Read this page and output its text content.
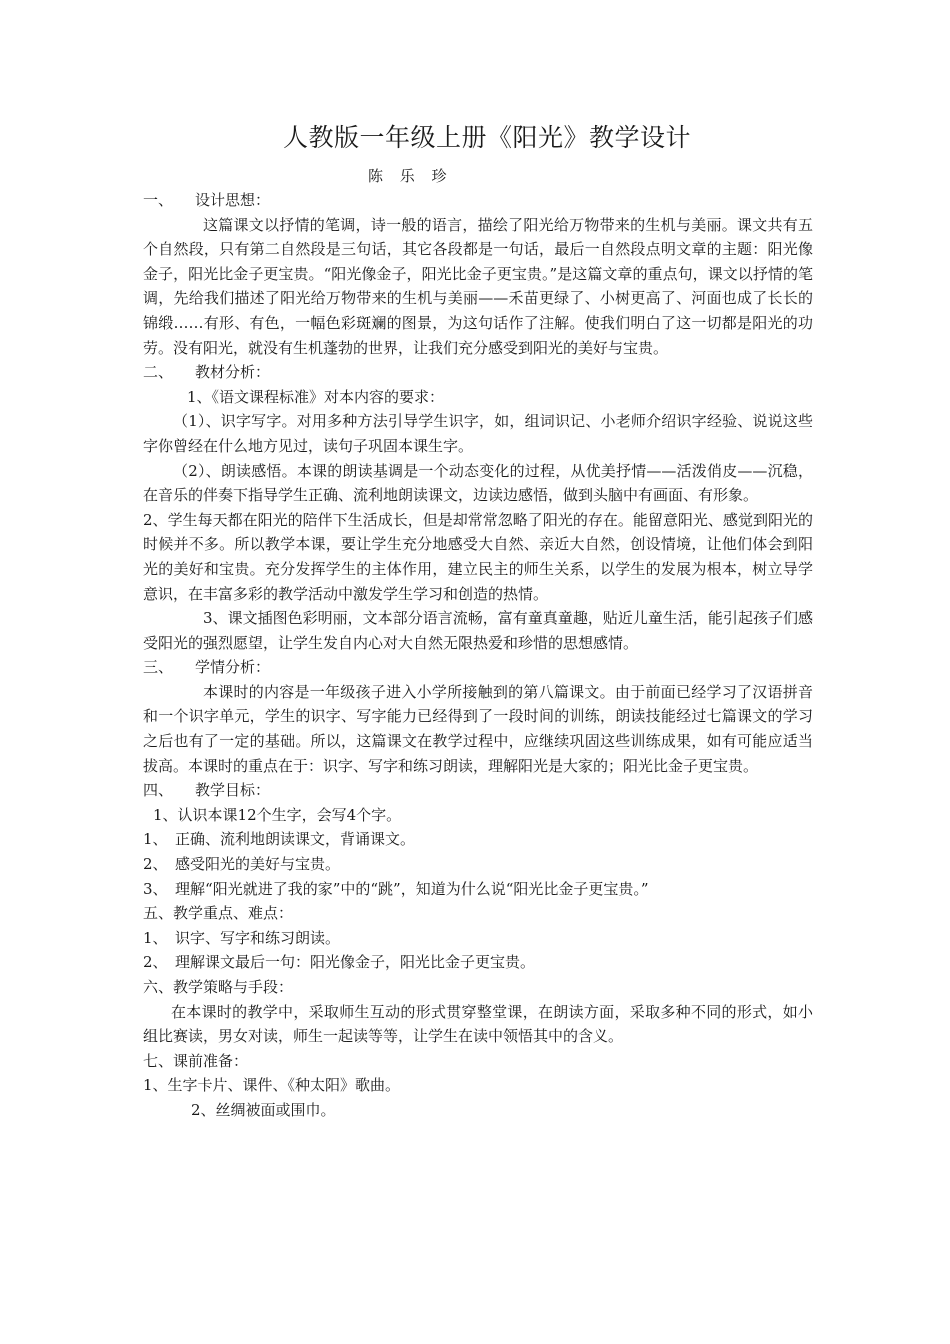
人教版一年级上册《阳光》教学设计

陈 乐 珍

一、 设计思想：

这篇课文以抒情的笔调，诗一般的语言，描绘了阳光给万物带来的生机与美丽。课文共有五个自然段，只有第二自然段是三句话，其它各段都是一句话，最后一自然段点明文章的主题：阳光像金子，阳光比金子更宝贵。“阳光像金子，阳光比金子更宝贵。”是这篇文章的重点句，课文以抒情的笔调，先给我们描述了阳光给万物带来的生机与美丽——禾苗更绿了、小树更高了、河面也成了长长的锦缎……有形、有色，一幅色彩斑斓的图景，为这句话作了注解。使我们明白了这一切都是阳光的功劳。没有阳光，就没有生机蓬勃的世界，让我们充分感受到阳光的美好与宝贵。

二、 教材分析：

1、《语文课程标准》对本内容的要求：

（1）、识字写字。对用多种方法引导学生识字，如，组词识记、小老师介绍识字经验、说说这些字你曾经在什么地方见过，读句子巩固本课生字。

（2）、朗读感悟。本课的朗读基调是一个动态变化的过程，从优美抒情——活泼俏皮——沉稳，在音乐的伴奏下指导学生正确、流利地朗读课文，边读边感悟，做到头脑中有画面、有形象。

2、学生每天都在阳光的陪伴下生活成长，但是却常常忽略了阳光的存在。能留意阳光、感觉到阳光的时候并不多。所以教学本课，要让学生充分地感受大自然、亲近大自然，创设情境，让他们体会到阳光的美好和宝贵。充分发挥学生的主体作用，建立民主的师生关系，以学生的发展为根本，树立导学意识，在丰富多彩的教学活动中激发学生学习和创造的热情。

3、课文插图色彩明丽，文本部分语言流畅，富有童真童趣，贴近儿童生活，能引起孩子们感受阳光的强烈愿望，让学生发自内心对大自然无限热爱和珍惜的思想感情。

三、 学情分析：

本课时的内容是一年级孩子进入小学所接触到的第八篇课文。由于前面已经学习了汉语拼音和一个识字单元，学生的识字、写字能力已经得到了一段时间的训练，朗读技能经过七篇课文的学习之后也有了一定的基础。所以，这篇课文在教学过程中，应继续巩固这些训练成果，如有可能应适当拔高。本课时的重点在于：识字、写字和练习朗读，理解阳光是大家的；阳光比金子更宝贵。

四、 教学目标：

1、认识本课12个生字，会写4个字。

1、　正确、流利地朗读课文，背诵课文。

2、　感受阳光的美好与宝贵。

3、　理解“阳光就进了我的家”中的“跳”，知道为什么说“阳光比金子更宝贵。”

五、教学重点、难点：

1、　识字、写字和练习朗读。

2、　理解课文最后一句：阳光像金子，阳光比金子更宝贵。

六、教学策略与手段：

在本课时的教学中，采取师生互动的形式贯穿整堂课，在朗读方面，采取多种不同的形式，如小组比赛读，男女对读，师生一起读等等，让学生在读中领悟其中的含义。

七、课前准备：

1、生字卡片、课件、《种太阳》歌曲。

2、丝绸被面或围巾。
